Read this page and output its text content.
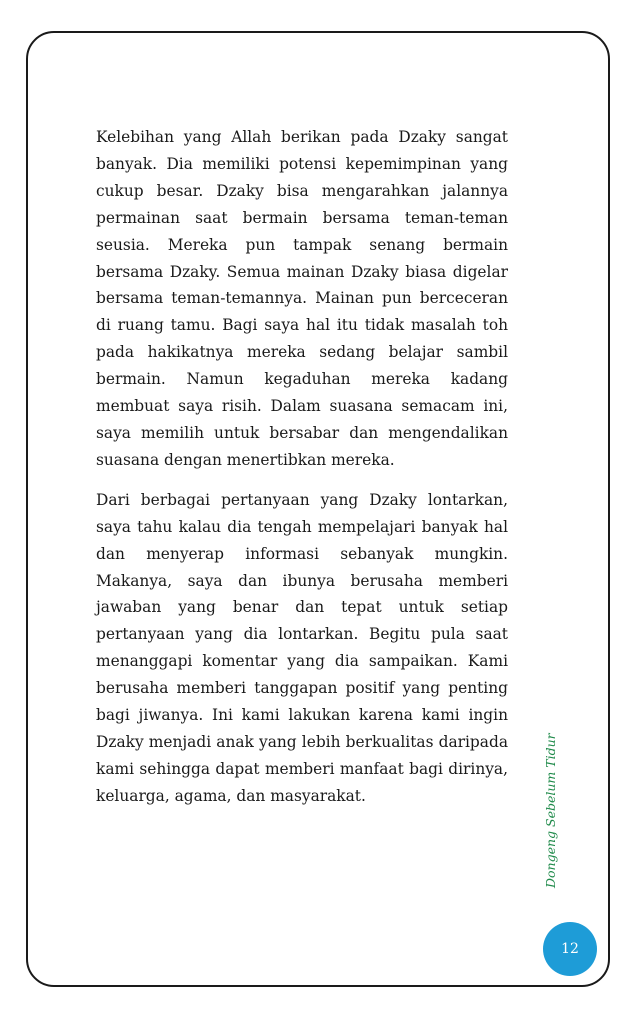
Kelebihan yang Allah berikan pada Dzaky sangat banyak. Dia memiliki potensi kepemimpinan yang cukup besar. Dzaky bisa mengarahkan jalannya permainan saat bermain bersama teman-teman seusia. Mereka pun tampak senang bermain bersama Dzaky. Semua mainan Dzaky biasa digelar bersama teman-temannya. Mainan pun berceceran di ruang tamu. Bagi saya hal itu tidak masalah toh pada hakikatnya mereka sedang belajar sambil bermain. Namun kegaduhan mereka kadang membuat saya risih. Dalam suasana semacam ini, saya memilih untuk bersabar dan mengendalikan suasana dengan menertibkan mereka.

Dari berbagai pertanyaan yang Dzaky lontarkan, saya tahu kalau dia tengah mempelajari banyak hal dan menyerap informasi sebanyak mungkin. Makanya, saya dan ibunya berusaha memberi jawaban yang benar dan tepat untuk setiap pertanyaan yang dia lontarkan. Begitu pula saat menanggapi komentar yang dia sampaikan. Kami berusaha memberi tanggapan positif yang penting bagi jiwanya. Ini kami lakukan karena kami ingin Dzaky menjadi anak yang lebih berkualitas daripada kami sehingga dapat memberi manfaat bagi dirinya, keluarga, agama, dan masyarakat.	Dongeng Sebelum Tidur
12
